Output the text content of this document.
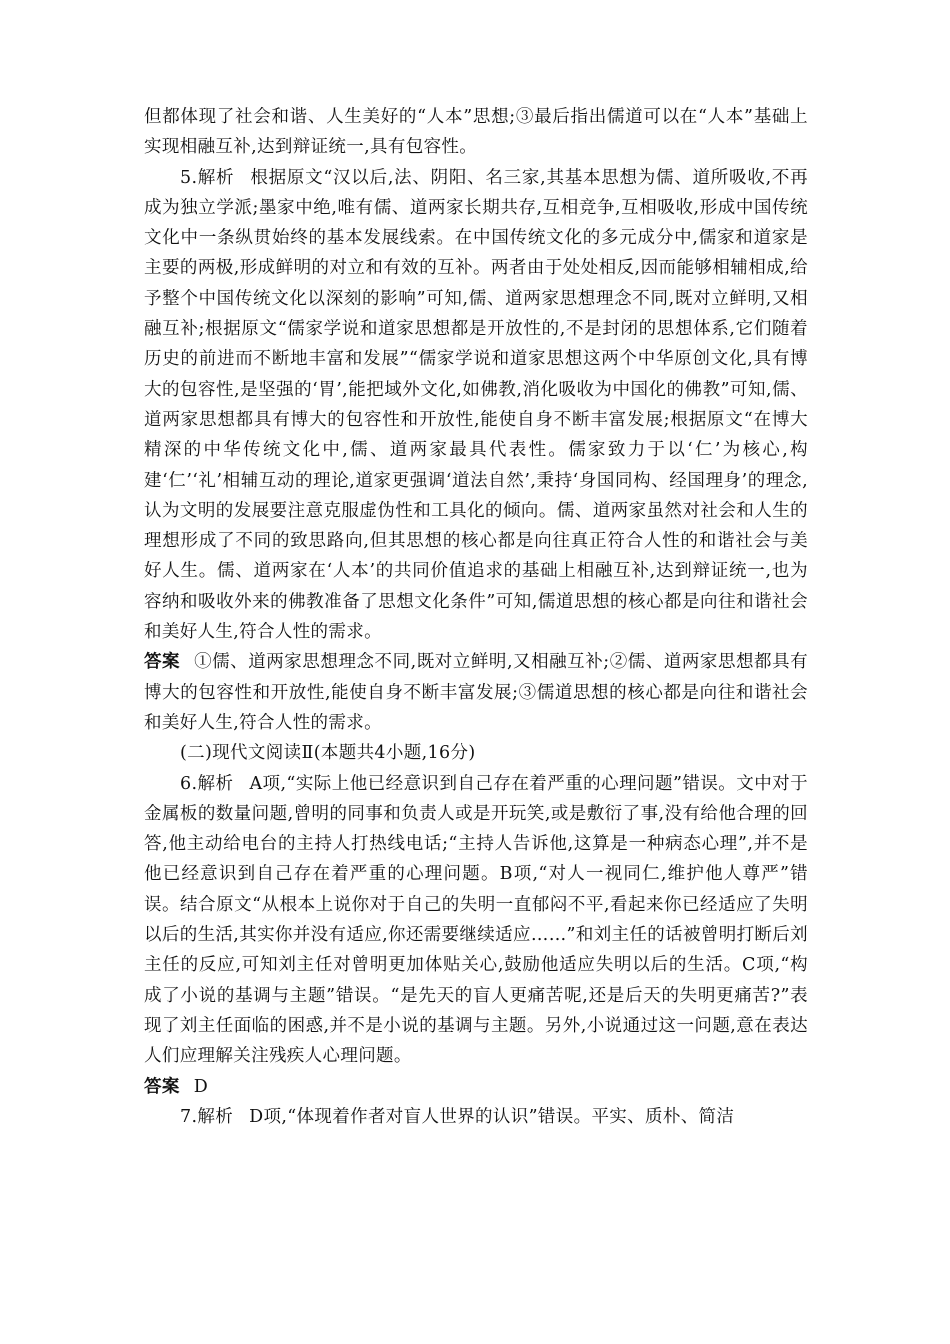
但都体现了社会和谐、人生美好的“人本”思想;③最后指出儒道可以在“人本”基础上实现相融互补,达到辩证统一,具有包容性。

5.解析 根据原文“汉以后,法、阴阳、名三家,其基本思想为儒、道所吸收,不再成为独立学派;墨家中绝,唯有儒、道两家长期共存,互相竞争,互相吸收,形成中国传统文化中一条纵贯始终的基本发展线索。在中国传统文化的多元成分中,儒家和道家是主要的两极,形成鲜明的对立和有效的互补。两者由于处处相反,因而能够相辅相成,给予整个中国传统文化以深刻的影响”可知,儒、道两家思想理念不同,既对立鲜明,又相融互补;根据原文“儒家学说和道家思想都是开放性的,不是封闭的思想体系,它们随着历史的前进而不断地丰富和发展”“儒家学说和道家思想这两个中华原创文化,具有博大的包容性,是坚强的‘胃’,能把域外文化,如佛教,消化吸收为中国化的佛教”可知,儒、道两家思想都具有博大的包容性和开放性,能使自身不断丰富发展;根据原文“在博大精深的中华传统文化中,儒、道两家最具代表性。儒家致力于以‘仁’为核心,构建‘仁’‘礼’相辅互动的理论,道家更强调‘道法自然’,秉持‘身国同构、经国理身’的理念,认为文明的发展要注意克服虚伪性和工具化的倾向。儒、道两家虽然对社会和人生的理想形成了不同的致思路向,但其思想的核心都是向往真正符合人性的和谐社会与美好人生。儒、道两家在‘人本’的共同价值追求的基础上相融互补,达到辩证统一,也为容纳和吸收外来的佛教准备了思想文化条件”可知,儒道思想的核心都是向往和谐社会和美好人生,符合人性的需求。

答案 ①儒、道两家思想理念不同,既对立鲜明,又相融互补;②儒、道两家思想都具有博大的包容性和开放性,能使自身不断丰富发展;③儒道思想的核心都是向往和谐社会和美好人生,符合人性的需求。

(二)现代文阅读Ⅱ(本题共4小题,16分)

6.解析 A项,“实际上他已经意识到自己存在着严重的心理问题”错误。文中对于金属板的数量问题,曾明的同事和负责人或是开玩笑,或是敷衍了事,没有给他合理的回答,他主动给电台的主持人打热线电话;“主持人告诉他,这算是一种病态心理”,并不是他已经意识到自己存在着严重的心理问题。B项,“对人一视同仁,维护他人尊严”错误。结合原文“从根本上说你对于自己的失明一直郁闷不平,看起来你已经适应了失明以后的生活,其实你并没有适应,你还需要继续适应……”和刘主任的话被曾明打断后刘主任的反应,可知刘主任对曾明更加体贴关心,鼓励他适应失明以后的生活。C项,“构成了小说的基调与主题”错误。“是先天的盲人更痛苦呢,还是后天的失明更痛苦?”表现了刘主任面临的困惑,并不是小说的基调与主题。另外,小说通过这一问题,意在表达人们应理解关注残疾人心理问题。

答案 D

7.解析 D项,“体现着作者对盲人世界的认识”错误。平实、质朴、简洁
